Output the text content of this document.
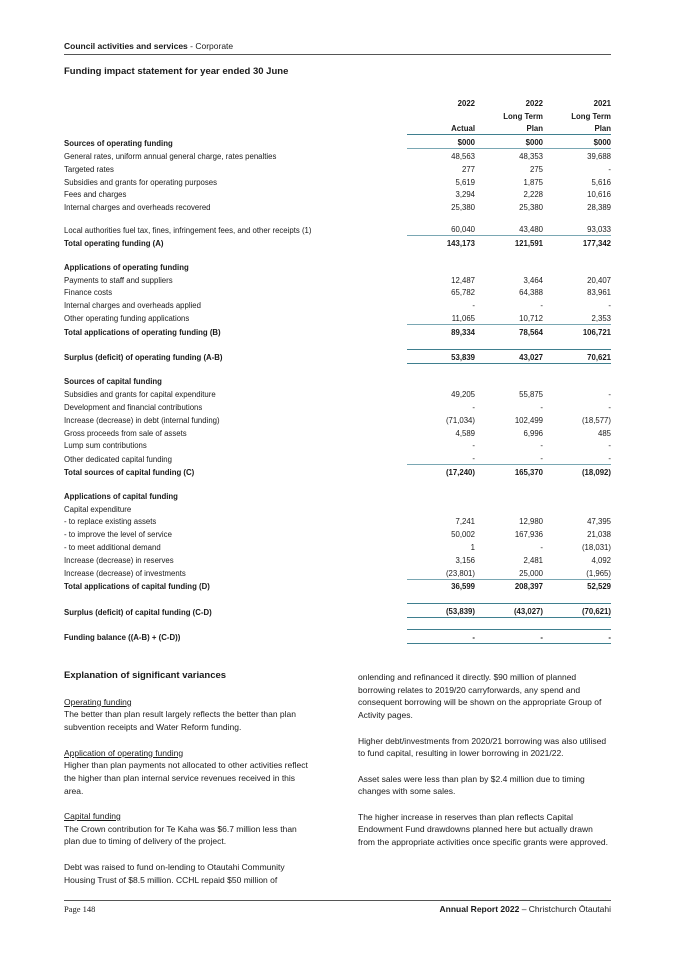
Council activities and services - Corporate
Funding impact statement for year ended 30 June
	2022	2022	2021
		Long Term	Long Term
	Actual	Plan	Plan
Sources of operating funding	$000	$000	$000
General rates, uniform annual general charge, rates penalties	48,563	48,353	39,688
Targeted rates	277	275	-
Subsidies and grants for operating purposes	5,619	1,875	5,616
Fees and charges	3,294	2,228	10,616
Internal charges and overheads recovered	25,380	25,380	28,389
Local authorities fuel tax, fines, infringement fees, and other receipts (1)	60,040	43,480	93,033
Total operating funding (A)	143,173	121,591	177,342

Applications of operating funding			
Payments to staff and suppliers	12,487	3,464	20,407
Finance costs	65,782	64,388	83,961
Internal charges and overheads applied	-	-	-
Other operating funding applications	11,065	10,712	2,353
Total applications of operating funding (B)	89,334	78,564	106,721

Surplus (deficit) of operating funding (A-B)	53,839	43,027	70,621

Sources of capital funding			
Subsidies and grants for capital expenditure	49,205	55,875	-
Development and financial contributions	-	-	-
Increase (decrease) in debt (internal funding)	(71,034)	102,499	(18,577)
Gross proceeds from sale of assets	4,589	6,996	485
Lump sum contributions	-	-	-
Other dedicated capital funding	-	-	-
Total sources of capital funding (C)	(17,240)	165,370	(18,092)

Applications of capital funding			
Capital expenditure			
- to replace existing assets	7,241	12,980	47,395
- to improve the level of service	50,002	167,936	21,038
- to meet additional demand	1	-	(18,031)
Increase (decrease) in reserves	3,156	2,481	4,092
Increase (decrease) of investments	(23,801)	25,000	(1,965)
Total applications of capital funding (D)	36,599	208,397	52,529

Surplus (deficit) of capital funding (C-D)	(53,839)	(43,027)	(70,621)

Funding balance ((A-B) + (C-D))	-	-	-
Explanation of significant variances

Operating funding
The better than plan result largely reflects the better than plan subvention receipts and Water Reform funding.

Application of operating funding
Higher than plan payments not allocated to other activities reflect the higher than plan internal service revenues received in this area.

Capital funding
The Crown contribution for Te Kaha was $6.7 million less than plan due to timing of delivery of the project.

Debt was raised to fund on-lending to Otautahi Community Housing Trust of $8.5 million. CCHL repaid $50 million of

onlending and refinanced it directly. $90 million of planned borrowing relates to 2019/20 carryforwards, any spend and consequent borrowing will be shown on the appropriate Group of Activity pages.

Higher debt/investments from 2020/21 borrowing was also utilised to fund capital, resulting in lower borrowing in 2021/22.

Asset sales were less than plan by $2.4 million due to timing changes with some sales.

The higher increase in reserves than plan reflects Capital Endowment Fund drawdowns planned here but actually drawn from the appropriate activities once specific grants were approved.

Page 148	Annual Report 2022 – Christchurch Ōtautahi
